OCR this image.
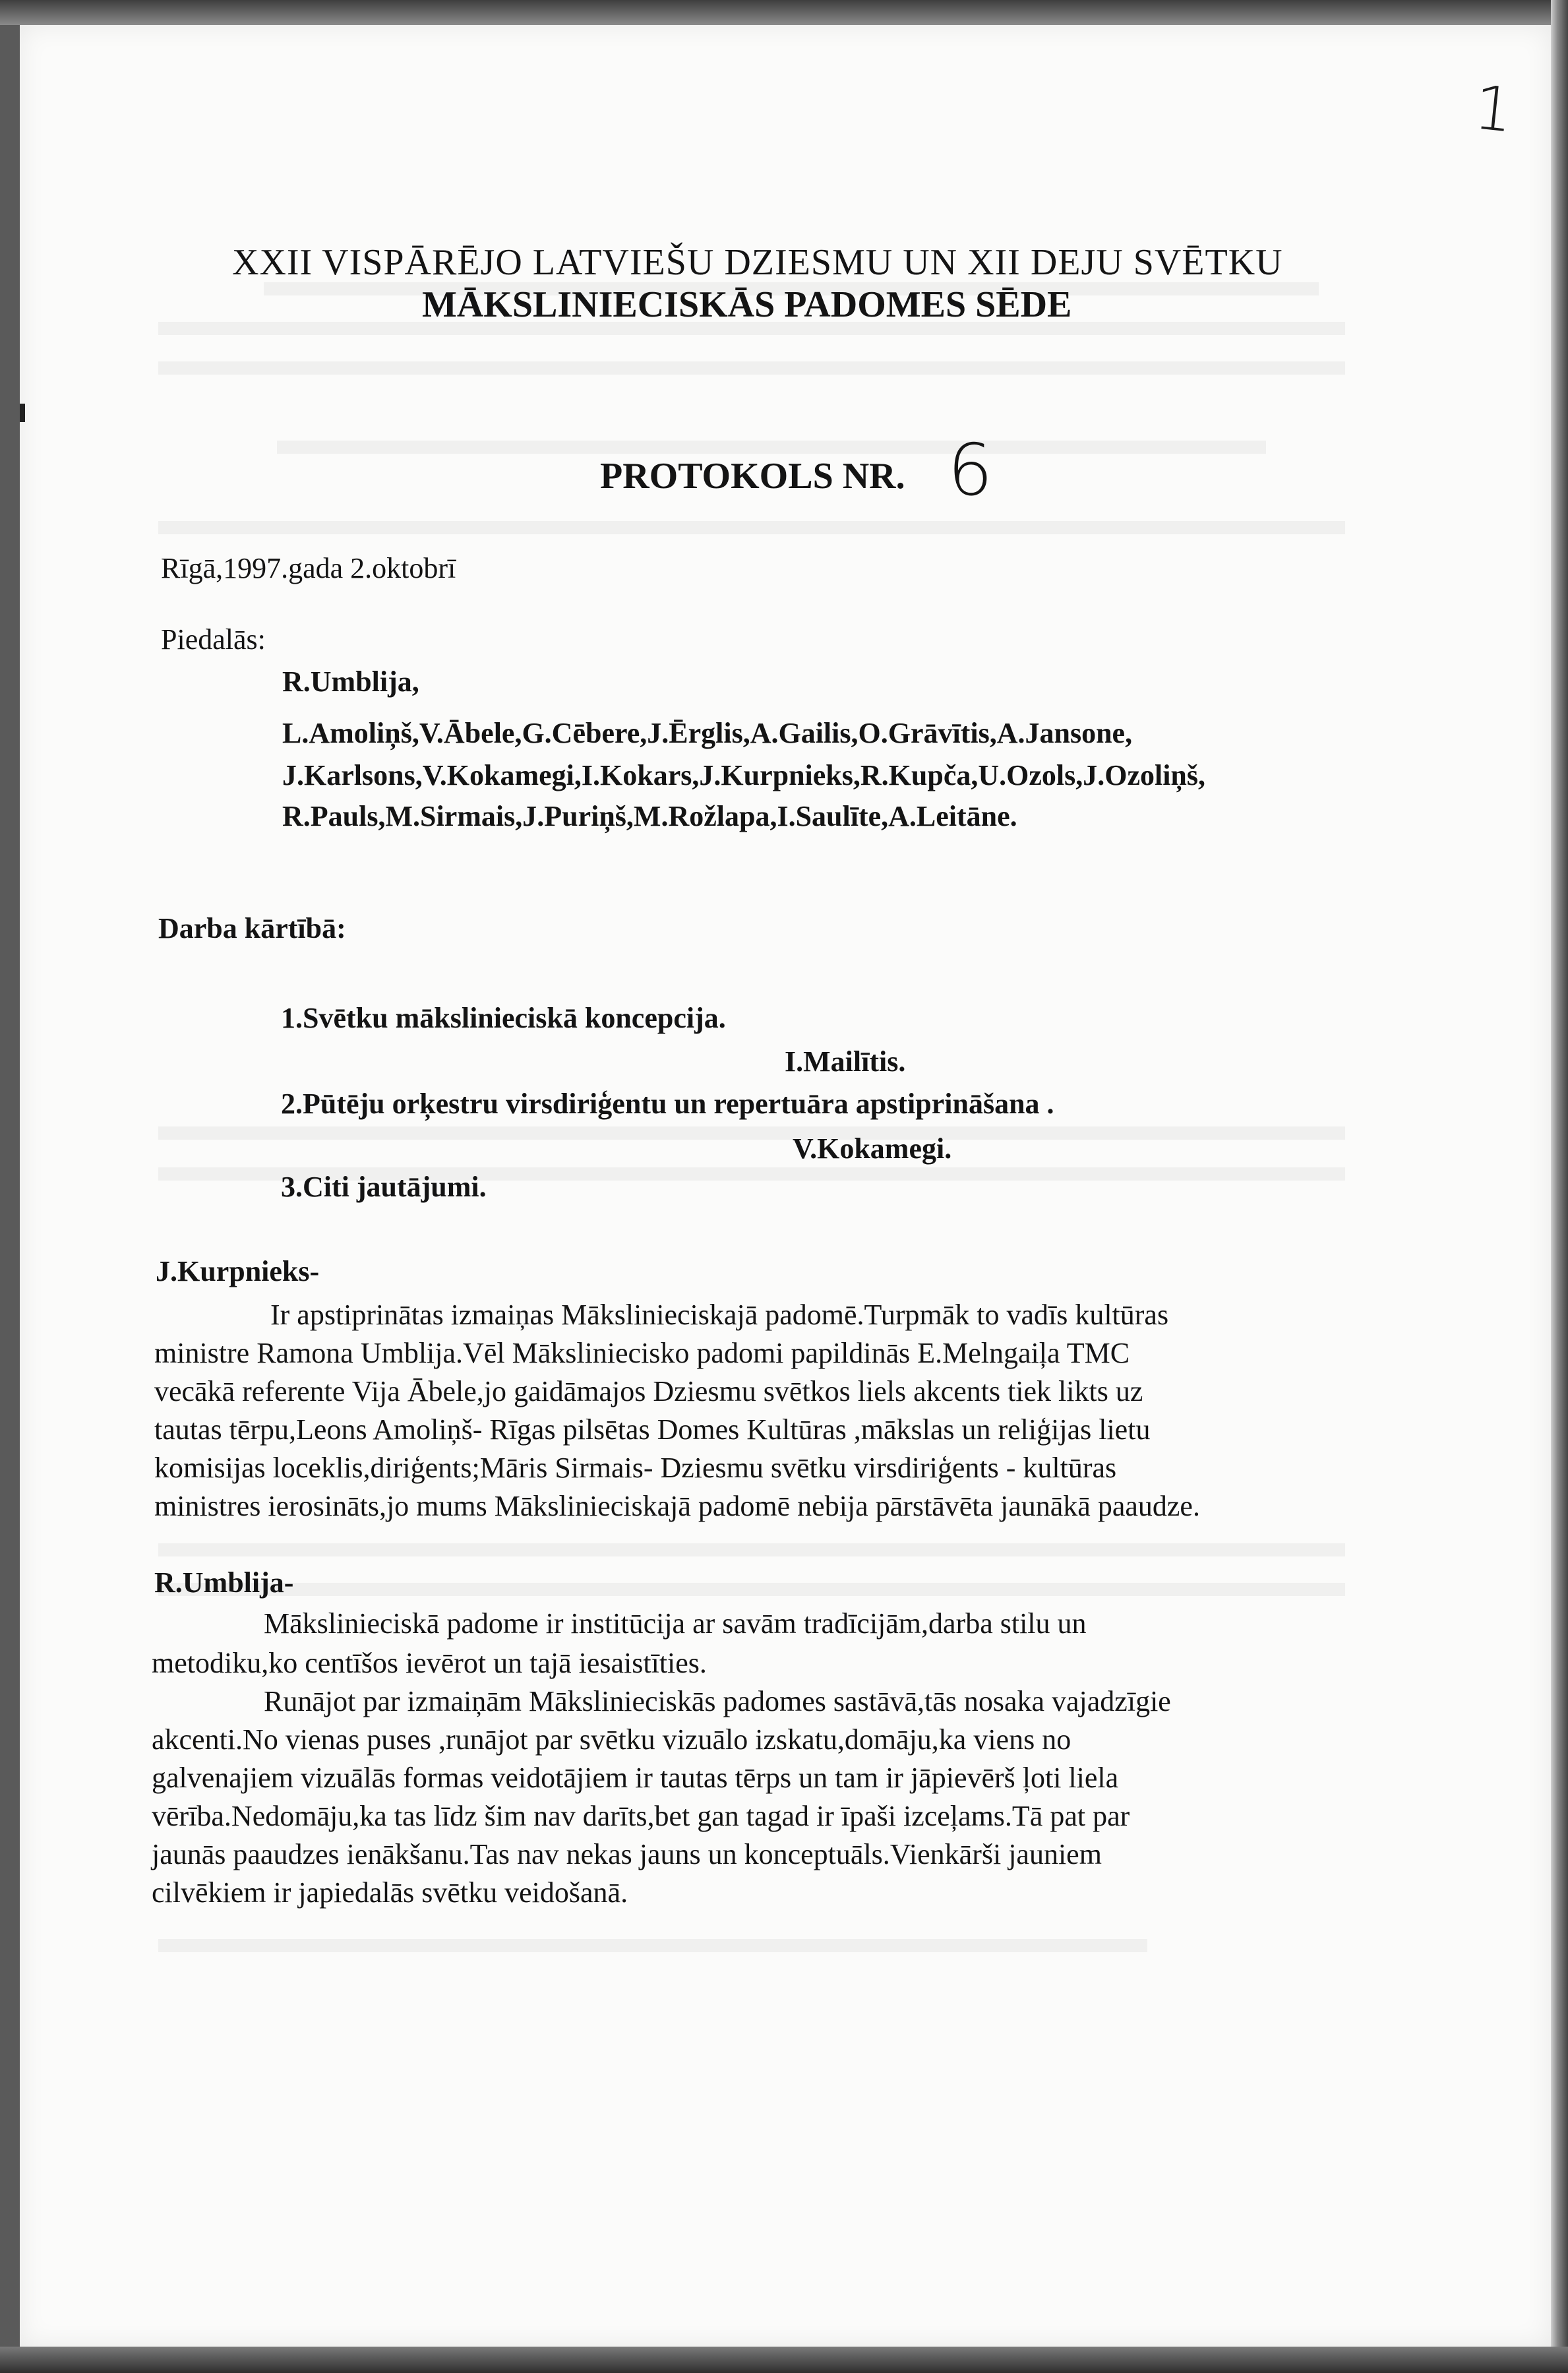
1
XXII VISPĀRĒJO LATVIEŠU DZIESMU UN XII DEJU SVĒTKU
MĀKSLINIECISKĀS PADOMES SĒDE
PROTOKOLS NR. 6
Rīgā,1997.gada 2.oktobrī
Piedalās:
R.Umblija,
L.Amoliņš,V.Ābele,G.Cēbere,J.Ērglis,A.Gailis,O.Grāvītis,A.Jansone,
J.Karlsons,V.Kokamegi,I.Kokars,J.Kurpnieks,R.Kupča,U.Ozols,J.Ozoliņš,
R.Pauls,M.Sirmais,J.Puriņš,M.Rožlapa,I.Saulīte,A.Leitāne.
Darba kārtībā:
1.Svētku mākslinieciskā koncepcija.
I.Mailītis.
2.Pūtēju orķestru virsdiriģentu un repertuāra apstiprināšana .
V.Kokamegi.
3.Citi jautājumi.
J.Kurpnieks-
Ir apstiprinātas izmaiņas Mākslinieciskajā padomē.Turpmāk to vadīs kultūras
ministre Ramona Umblija.Vēl Māksliniecisko padomi papildinās E.Melngaiļa TMC
vecākā referente Vija Ābele,jo gaidāmajos Dziesmu svētkos liels akcents tiek likts uz
tautas tērpu,Leons Amoliņš- Rīgas pilsētas Domes Kultūras ,mākslas un reliģijas lietu
komisijas loceklis,diriģents;Māris Sirmais- Dziesmu svētku virsdiriģents - kultūras
ministres ierosināts,jo mums Mākslinieciskajā padomē nebija pārstāvēta jaunākā paaudze.
R.Umblija-
Mākslinieciskā padome ir institūcija ar savām tradīcijām,darba stilu un
metodiku,ko centīšos ievērot un tajā iesaistīties.
Runājot par izmaiņām Mākslinieciskās padomes sastāvā,tās nosaka vajadzīgie
akcenti.No vienas puses ,runājot par svētku vizuālo izskatu,domāju,ka viens no
galvenajiem vizuālās formas veidotājiem ir tautas tērps un tam ir jāpievērš ļoti liela
vērība.Nedomāju,ka tas līdz šim nav darīts,bet gan tagad ir īpaši izceļams.Tā pat par
jaunās paaudzes ienākšanu.Tas nav nekas jauns un konceptuāls.Vienkārši jauniem
cilvēkiem ir japiedalās svētku veidošanā.
